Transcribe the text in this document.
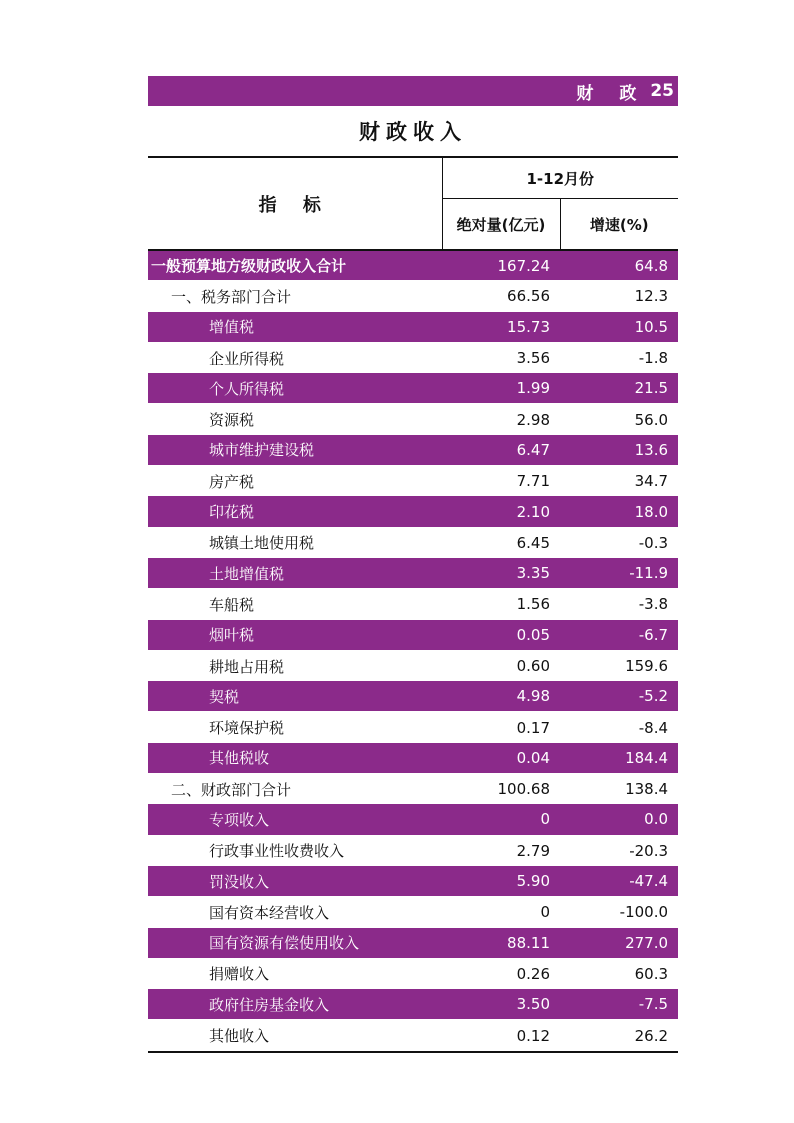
财 政 25
财政收入
指 标	1-12月份	
	绝对量(亿元)	增速(%)

一般预算地方级财政收入合计	167.24	64.8
一、税务部门合计	66.56	12.3
增值税	15.73	10.5
企业所得税	3.56	-1.8
个人所得税	1.99	21.5
资源税	2.98	56.0
城市维护建设税	6.47	13.6
房产税	7.71	34.7
印花税	2.10	18.0
城镇土地使用税	6.45	-0.3
土地增值税	3.35	-11.9
车船税	1.56	-3.8
烟叶税	0.05	-6.7
耕地占用税	0.60	159.6
契税	4.98	-5.2
环境保护税	0.17	-8.4
其他税收	0.04	184.4
二、财政部门合计	100.68	138.4
专项收入	0	0.0
行政事业性收费收入	2.79	-20.3
罚没收入	5.90	-47.4
国有资本经营收入	0	-100.0
国有资源有偿使用收入	88.11	277.0
捐赠收入	0.26	60.3
政府住房基金收入	3.50	-7.5
其他收入	0.12	26.2
